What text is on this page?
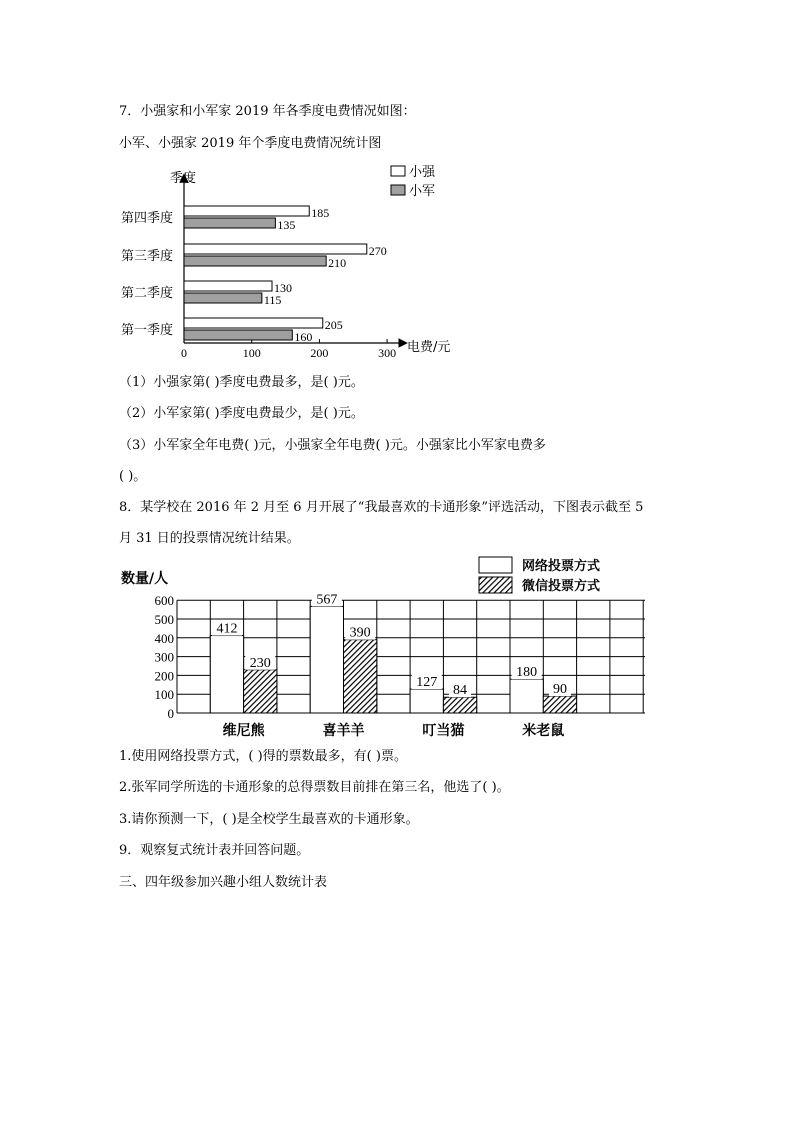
7．小强家和小军家 2019 年各季度电费情况如图：
小军、小强家 2019 年个季度电费情况统计图
季度
电费/元
0	100	200	300
第一季度	205
160
第二季度	130
115
第三季度	270
210
第四季度	185
135
小强
小军
（1）小强家第( )季度电费最多，是( )元。
（2）小军家第( )季度电费最少，是( )元。
（3）小军家全年电费( )元，小强家全年电费( )元。小强家比小军家电费多
( )。
8．某学校在 2016 年 2 月至 6 月开展了“我最喜欢的卡通形象”评选活动，下图表示截至 5
月 31 日的投票情况统计结果。
0
100
200
300
400
500
600
数量/人
412
230
维尼熊
567
390
喜羊羊
127
84
叮当猫
180
90
米老鼠
网络投票方式
微信投票方式
1.使用网络投票方式，( )得的票数最多，有( )票。
2.张军同学所选的卡通形象的总得票数目前排在第三名，他选了( )。
3.请你预测一下，( )是全校学生最喜欢的卡通形象。
9．观察复式统计表并回答问题。
三、四年级参加兴趣小组人数统计表
